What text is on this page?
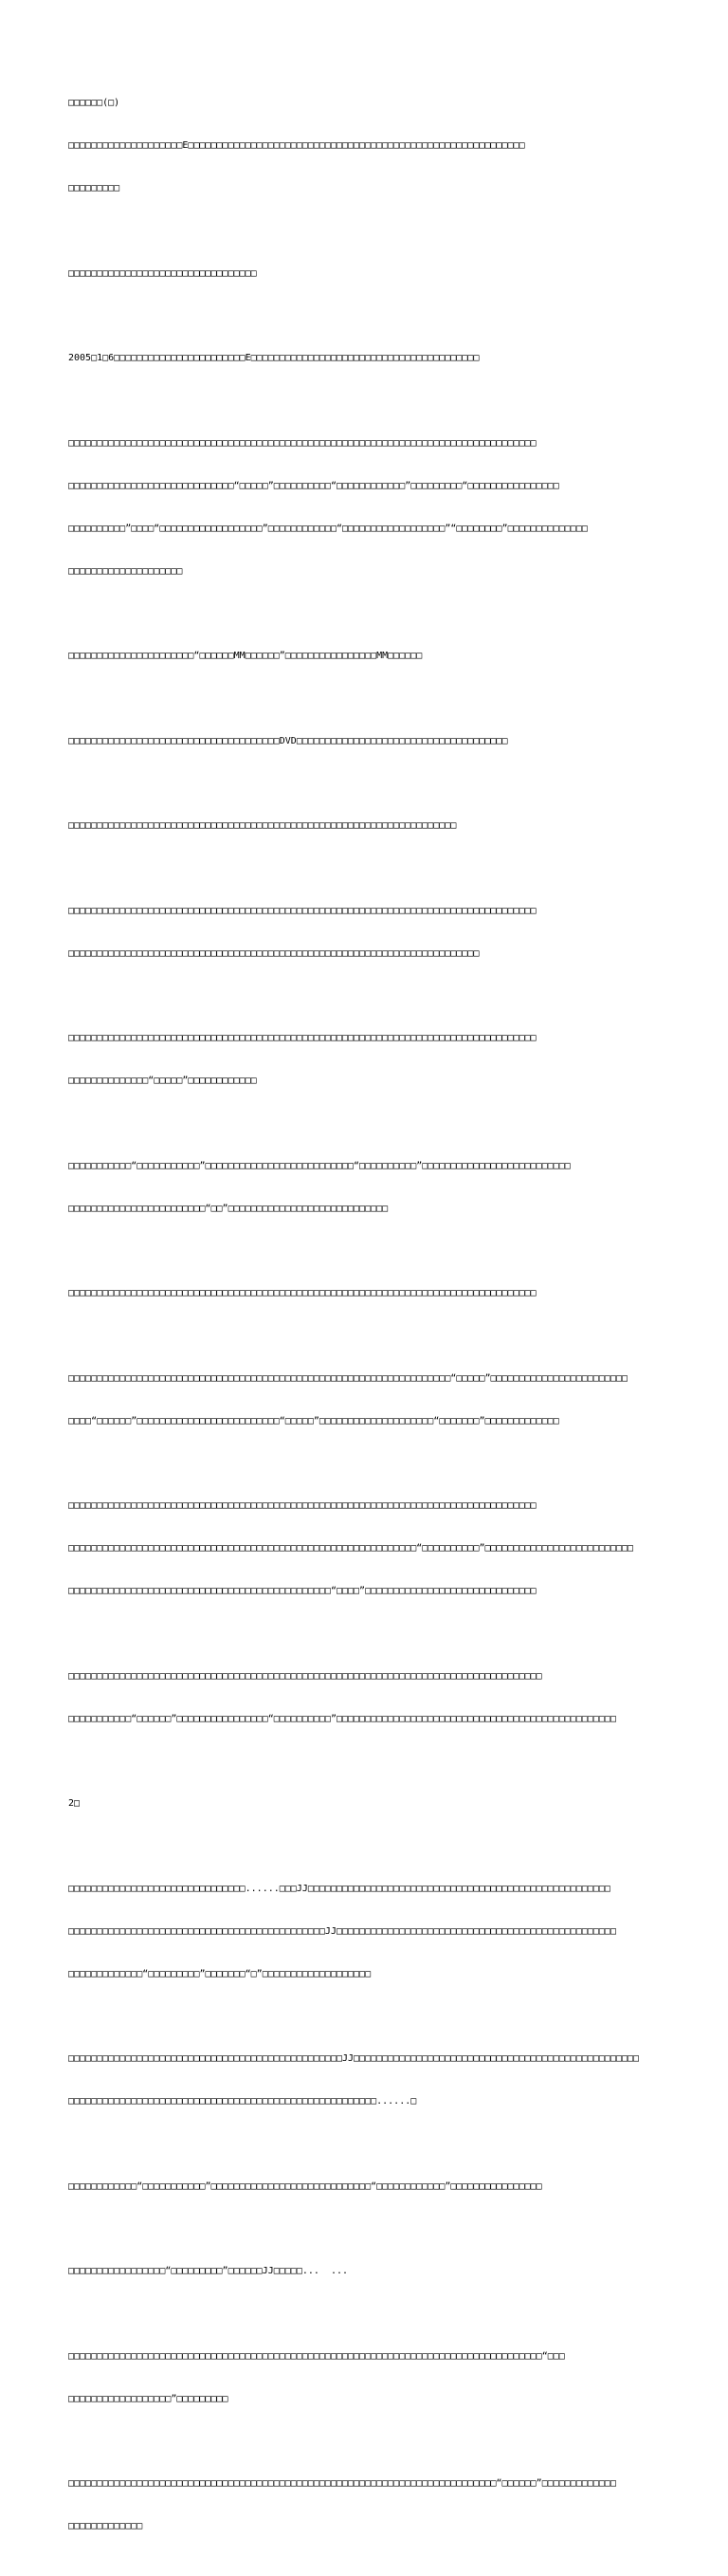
□□□□□□(□)

□□□□□□□□□□□□□□□□□□□□E□□□□□□□□□□□□□□□□□□□□□□□□□□□□□□□□□□□□□□□□□□□□□□□□□□□□□□□□□□□

□□□□□□□□□

□□□□□□□□□□□□□□□□□□□□□□□□□□□□□□□□□

2005□1□6□□□□□□□□□□□□□□□□□□□□□□□E□□□□□□□□□□□□□□□□□□□□□□□□□□□□□□□□□□□□□□□□

□□□□□□□□□□□□□□□□□□□□□□□□□□□□□□□□□□□□□□□□□□□□□□□□□□□□□□□□□□□□□□□□□□□□□□□□□□□□□□□□□□

□□□□□□□□□□□□□□□□□□□□□□□□□□□□□“□□□□□”□□□□□□□□□□“□□□□□□□□□□□□”□□□□□□□□□“□□□□□□□□□□□□□□□□

□□□□□□□□□□”□□□□“□□□□□□□□□□□□□□□□□□”□□□□□□□□□□□□“□□□□□□□□□□□□□□□□□□”“□□□□□□□□”□□□□□□□□□□□□□□

□□□□□□□□□□□□□□□□□□□□

□□□□□□□□□□□□□□□□□□□□□□“□□□□□□MM□□□□□□”□□□□□□□□□□□□□□□□MM□□□□□□

□□□□□□□□□□□□□□□□□□□□□□□□□□□□□□□□□□□□□DVD□□□□□□□□□□□□□□□□□□□□□□□□□□□□□□□□□□□□□

□□□□□□□□□□□□□□□□□□□□□□□□□□□□□□□□□□□□□□□□□□□□□□□□□□□□□□□□□□□□□□□□□□□□

□□□□□□□□□□□□□□□□□□□□□□□□□□□□□□□□□□□□□□□□□□□□□□□□□□□□□□□□□□□□□□□□□□□□□□□□□□□□□□□□□□

□□□□□□□□□□□□□□□□□□□□□□□□□□□□□□□□□□□□□□□□□□□□□□□□□□□□□□□□□□□□□□□□□□□□□□□□

□□□□□□□□□□□□□□□□□□□□□□□□□□□□□□□□□□□□□□□□□□□□□□□□□□□□□□□□□□□□□□□□□□□□□□□□□□□□□□□□□□

□□□□□□□□□□□□□□“□□□□□”□□□□□□□□□□□□

□□□□□□□□□□□“□□□□□□□□□□□”□□□□□□□□□□□□□□□□□□□□□□□□□□“□□□□□□□□□□”□□□□□□□□□□□□□□□□□□□□□□□□□□

□□□□□□□□□□□□□□□□□□□□□□□□“□□”□□□□□□□□□□□□□□□□□□□□□□□□□□□□

□□□□□□□□□□□□□□□□□□□□□□□□□□□□□□□□□□□□□□□□□□□□□□□□□□□□□□□□□□□□□□□□□□□□□□□□□□□□□□□□□□

□□□□□□□□□□□□□□□□□□□□□□□□□□□□□□□□□□□□□□□□□□□□□□□□□□□□□□□□□□□□□□□□□□□“□□□□□”□□□□□□□□□□□□□□□□□□□□□□□□

□□□□“□□□□□□”□□□□□□□□□□□□□□□□□□□□□□□□□“□□□□□”□□□□□□□□□□□□□□□□□□□□“□□□□□□□”□□□□□□□□□□□□□

□□□□□□□□□□□□□□□□□□□□□□□□□□□□□□□□□□□□□□□□□□□□□□□□□□□□□□□□□□□□□□□□□□□□□□□□□□□□□□□□□□

□□□□□□□□□□□□□□□□□□□□□□□□□□□□□□□□□□□□□□□□□□□□□□□□□□□□□□□□□□□□□“□□□□□□□□□□”□□□□□□□□□□□□□□□□□□□□□□□□□□

□□□□□□□□□□□□□□□□□□□□□□□□□□□□□□□□□□□□□□□□□□□□□□“□□□□”□□□□□□□□□□□□□□□□□□□□□□□□□□□□□□

□□□□□□□□□□□□□□□□□□□□□□□□□□□□□□□□□□□□□□□□□□□□□□□□□□□□□□□□□□□□□□□□□□□□□□□□□□□□□□□□□□□

□□□□□□□□□□□“□□□□□□”□□□□□□□□□□□□□□□□“□□□□□□□□□□”□□□□□□□□□□□□□□□□□□□□□□□□□□□□□□□□□□□□□□□□□□□□□□□□□

2□

□□□□□□□□□□□□□□□□□□□□□□□□□□□□□□□......□□□JJ□□□□□□□□□□□□□□□□□□□□□□□□□□□□□□□□□□□□□□□□□□□□□□□□□□□□□

□□□□□□□□□□□□□□□□□□□□□□□□□□□□□□□□□□□□□□□□□□□□□JJ□□□□□□□□□□□□□□□□□□□□□□□□□□□□□□□□□□□□□□□□□□□□□□□□□

□□□□□□□□□□□□□“□□□□□□□□□”□□□□□□□“□”□□□□□□□□□□□□□□□□□□□

□□□□□□□□□□□□□□□□□□□□□□□□□□□□□□□□□□□□□□□□□□□□□□□□JJ□□□□□□□□□□□□□□□□□□□□□□□□□□□□□□□□□□□□□□□□□□□□□□□□□□

□□□□□□□□□□□□□□□□□□□□□□□□□□□□□□□□□□□□□□□□□□□□□□□□□□□□□□......□

□□□□□□□□□□□□“□□□□□□□□□□□”□□□□□□□□□□□□□□□□□□□□□□□□□□□□“□□□□□□□□□□□□”□□□□□□□□□□□□□□□□

□□□□□□□□□□□□□□□□□“□□□□□□□□□”□□□□□□JJ□□□□□...  ...

□□□□□□□□□□□□□□□□□□□□□□□□□□□□□□□□□□□□□□□□□□□□□□□□□□□□□□□□□□□□□□□□□□□□□□□□□□□□□□□□□□□“□□□

□□□□□□□□□□□□□□□□□□”□□□□□□□□□

□□□□□□□□□□□□□□□□□□□□□□□□□□□□□□□□□□□□□□□□□□□□□□□□□□□□□□□□□□□□□□□□□□□□□□□□□□□“□□□□□□”□□□□□□□□□□□□□

□□□□□□□□□□□□□
